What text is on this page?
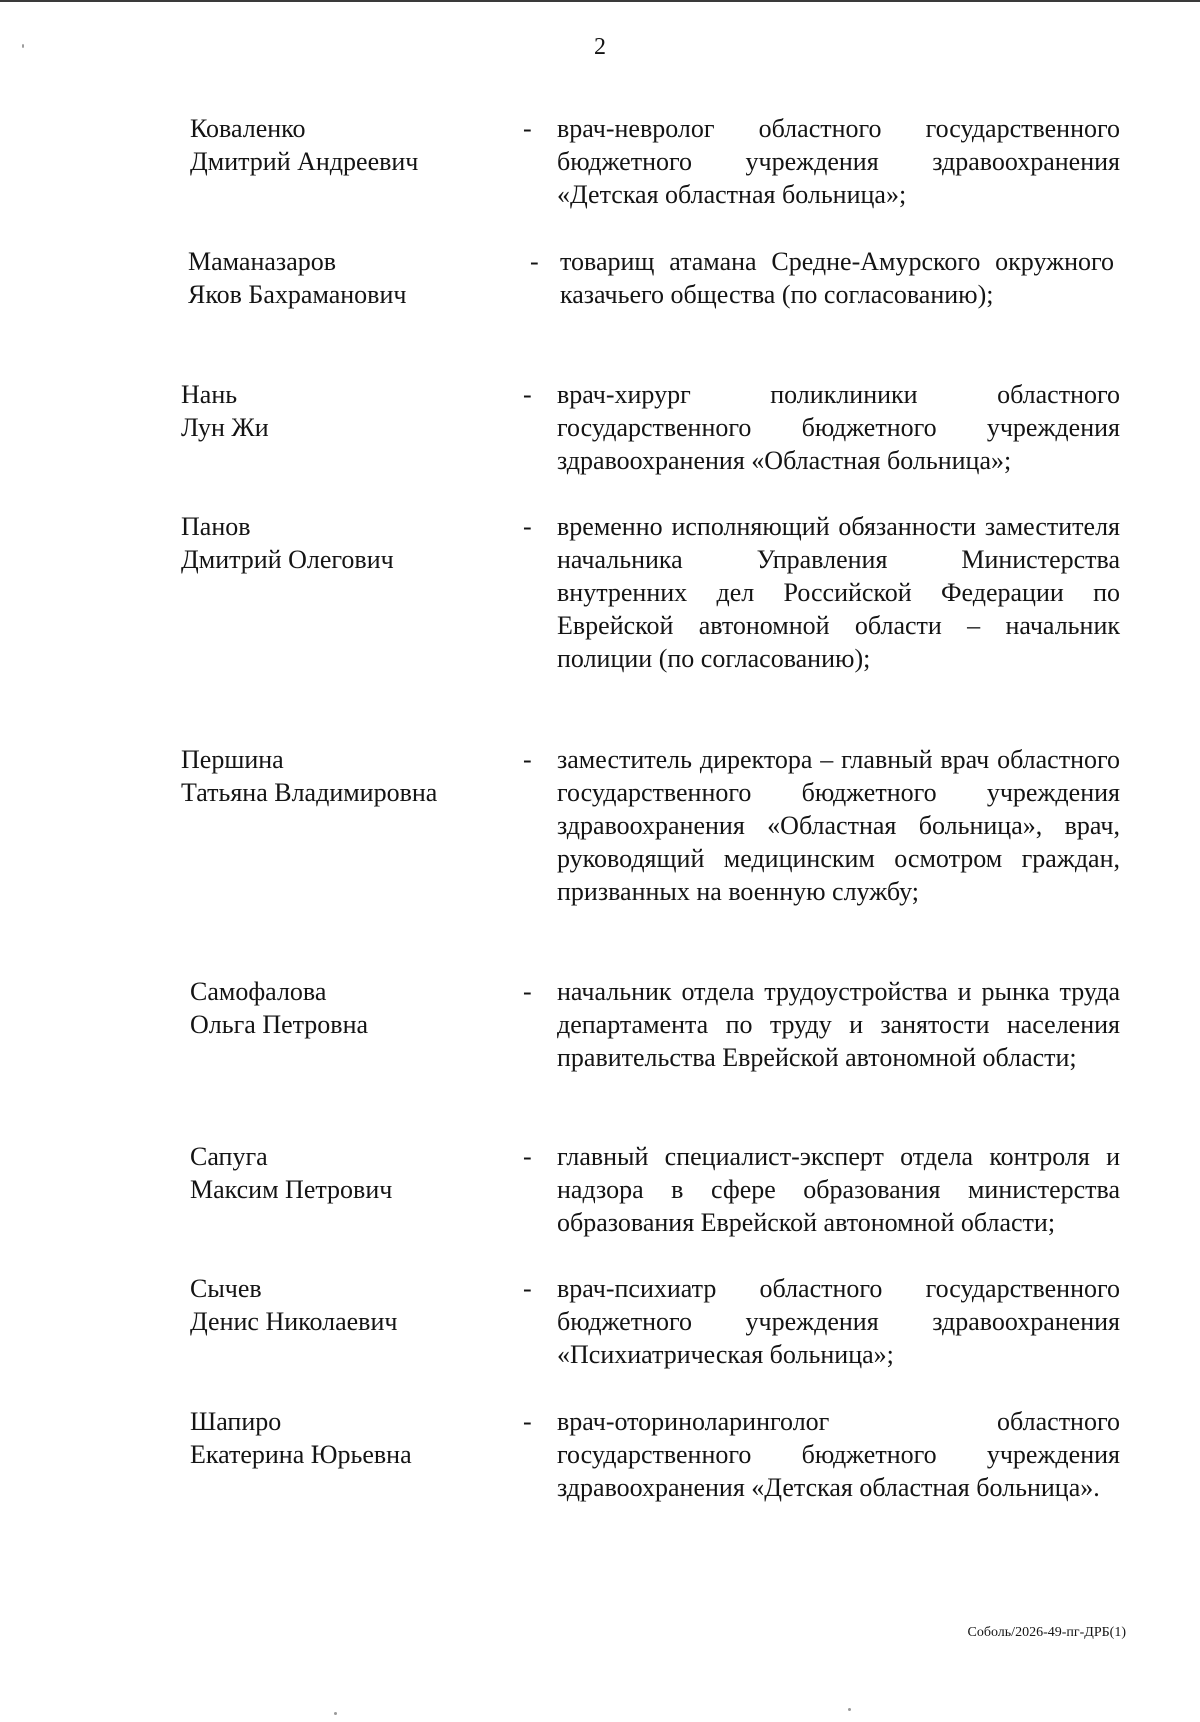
2
Коваленко
Дмитрий Андреевич
- врач-невролог областного государственного бюджетного учреждения здравоохранения «Детская областная больница»;
Маманазаров
Яков Бахраманович
- товарищ атамана Средне-Амурского окружного казачьего общества (по согласованию);
Нань
Лун Жи
- врач-хирург поликлиники областного государственного бюджетного учреждения здравоохранения «Областная больница»;
Панов
Дмитрий Олегович
- временно исполняющий обязанности заместителя начальника Управления Министерства внутренних дел Российской Федерации по Еврейской автономной области – начальник полиции (по согласованию);
Першина
Татьяна Владимировна
- заместитель директора – главный врач областного государственного бюджетного учреждения здравоохранения «Областная больница», врач, руководящий медицинским осмотром граждан, призванных на военную службу;
Самофалова
Ольга Петровна
- начальник отдела трудоустройства и рынка труда департамента по труду и занятости населения правительства Еврейской автономной области;
Сапуга
Максим Петрович
- главный специалист-эксперт отдела контроля и надзора в сфере образования министерства образования Еврейской автономной области;
Сычев
Денис Николаевич
- врач-психиатр областного государственного бюджетного учреждения здравоохранения «Психиатрическая больница»;
Шапиро
Екатерина Юрьевна
- врач-оториноларинголог областного государственного бюджетного учреждения здравоохранения «Детская областная больница».
Соболь/2026-49-пг-ДРБ(1)
